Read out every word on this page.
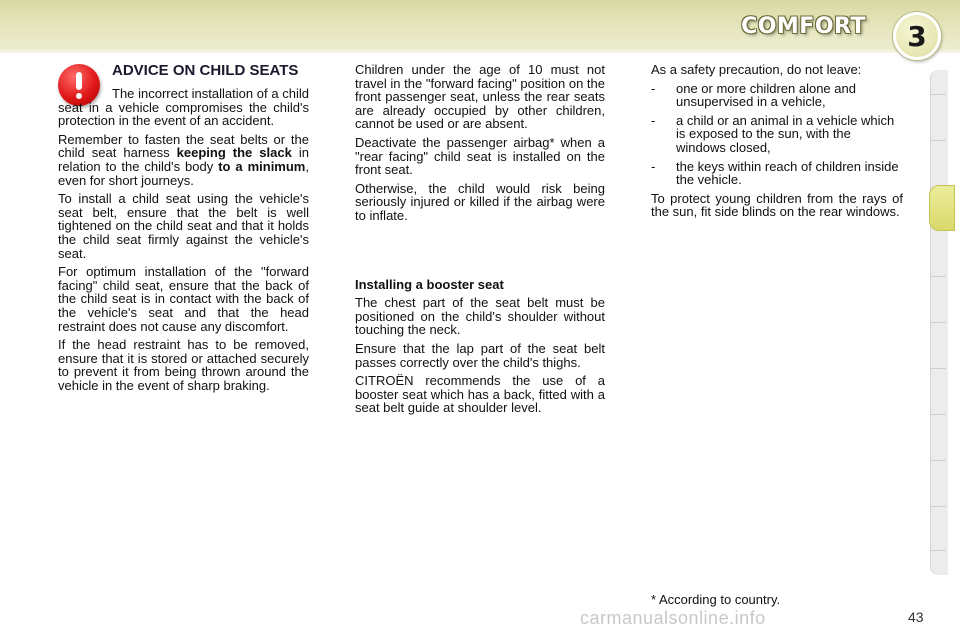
COMFORT 3
ADVICE ON CHILD SEATS

The incorrect installation of a child seat in a vehicle compromises the child's protection in the event of an accident.

Remember to fasten the seat belts or the child seat harness keeping the slack in relation to the child's body to a minimum, even for short journeys.

To install a child seat using the vehicle's seat belt, ensure that the belt is well tightened on the child seat and that it holds the child seat firmly against the vehicle's seat.

For optimum installation of the "forward facing" child seat, ensure that the back of the child seat is in contact with the back of the vehicle's seat and that the head restraint does not cause any discomfort.

If the head restraint has to be removed, ensure that it is stored or attached securely to prevent it from being thrown around the vehicle in the event of sharp braking.

Children under the age of 10 must not travel in the "forward facing" position on the front passenger seat, unless the rear seats are already occupied by other children, cannot be used or are absent.

Deactivate the passenger airbag* when a "rear facing" child seat is installed on the front seat.

Otherwise, the child would risk being seriously injured or killed if the airbag were to inflate.

Installing a booster seat

The chest part of the seat belt must be positioned on the child's shoulder without touching the neck.

Ensure that the lap part of the seat belt passes correctly over the child's thighs.

CITROËN recommends the use of a booster seat which has a back, fitted with a seat belt guide at shoulder level.

As a safety precaution, do not leave:

-	one or more children alone and unsupervised in a vehicle,
-	a child or an animal in a vehicle which is exposed to the sun, with the windows closed,
-	the keys within reach of children inside the vehicle.

To protect young children from the rays of the sun, fit side blinds on the rear windows.

* According to country.
carmanualsonline.info	43
